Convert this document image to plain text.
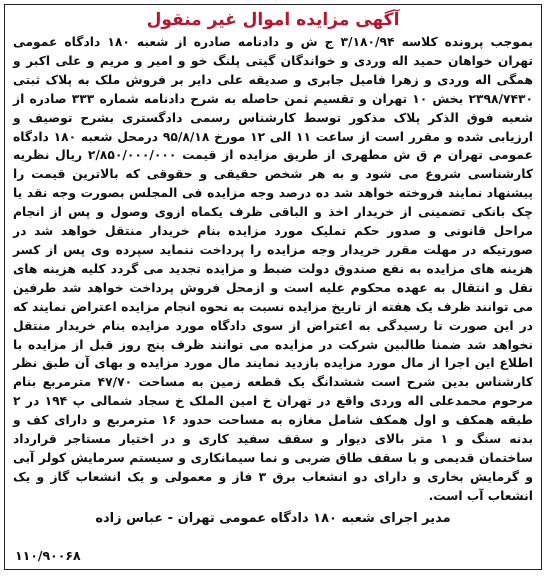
آگهی مزایده اموال غیر منقول

بموجب پرونده کلاسه ۳/۱۸۰/۹۴ ج ش و دادنامه صادره از شعبه ۱۸۰ دادگاه عمومی تهران خواهان حمید اله وردی و خواندگان گیتی پلنگ خو و امیر و مریم و علی اکبر و همگی اله وردی و زهرا فامیل جابری و صدیقه علی دایر بر فروش ملک به پلاک ثبتی ۲۳۹۸/۷۴۳۰ بخش ۱۰ تهران و تقسیم ثمن حاصله به شرح دادنامه شماره ۳۳۳ صادره از شعبه فوق الذکر پلاک مذکور توسط کارشناس رسمی دادگستری بشرح توصیف و ارزیابی شده و مقرر است از ساعت ۱۱ الی ۱۲ مورخ ۹۵/۸/۱۸ درمحل شعبه ۱۸۰ دادگاه عمومی تهران م ق ش مطهری از طریق مزایده از قیمت ۲/۸۵۰/۰۰۰/۰۰۰ ریال نظریه کارشناسی شروع می شود و به هر شخص حقیقی و حقوقی که بالاترین قیمت را پیشنهاد نمایند فروخته خواهد شد ده درصد وجه مزایده فی المجلس بصورت وجه نقد یا چک بانکی تضمینی از خریدار اخذ و الباقی ظرف یکماه ازوی وصول و پس از انجام مراحل قانونی و صدور حکم تملیک مورد مزایده بنام خریدار منتقل خواهد شد در صورتیکه در مهلت مقرر خریدار وجه مزایده را پرداخت ننماید سپرده وی پس از کسر هزینه های مزایده به نفع صندوق دولت ضبط و مزایده تجدید می گردد کلیه هزینه های نقل و انتقال به عهده محکوم علیه است و ازمحل فروش پرداخت خواهد شد طرفین می توانند ظرف یک هفته از تاریخ مزایده نسبت به نحوه انجام مزایده اعتراض نمایند که در این صورت تا رسیدگی به اعتراض از سوی دادگاه مورد مزایده بنام خریدار منتقل نخواهد شد ضمنا طالبین شرکت در مزایده می توانند ظرف پنج روز قبل از مزایده با اطلاع این اجرا از مال مورد مزایده بازدید نمایند مال مورد مزایده و بهای آن طبق نظر کارشناس بدین شرح است ششدانگ یک قطعه زمین به مساحت ۴۷/۷۰ مترمربع بنام مرحوم محمدعلی اله وردی واقع در تهران خ امین الملک خ سجاد شمالی پ ۱۹۴ در ۲ طبقه همکف و اول همکف شامل مغازه به مساحت حدود ۱۶ مترمربع و دارای کف و بدنه سنگ و ۱ متر بالای دیوار و سقف سفید کاری و در اختیار مستاجر قرارداد ساختمان قدیمی و با سقف طاق ضربی و نما سیمانکاری و سیستم سرمایش کولر آبی و گرمایش بخاری و دارای دو انشعاب برق ۳ فاز و معمولی و یک انشعاب گاز و یک انشعاب آب است.

مدیر اجرای شعبه ۱۸۰ دادگاه عمومی تهران - عباس زاده
۱۱۰/۹۰۰۶۸
